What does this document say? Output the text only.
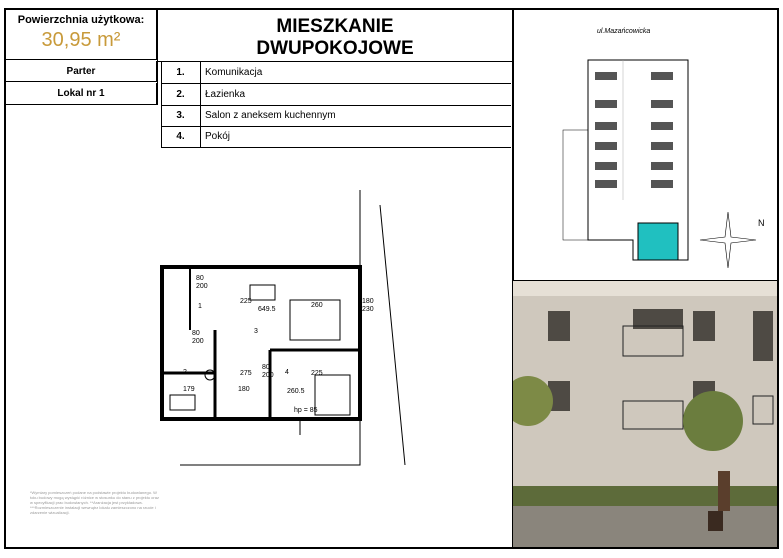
Powierzchnia użytkowa:
30,95 m²
Parter
Lokal nr 1
MIESZKANIE
DWUPOKOJOWE
1.	Komunikacja
2.	Łazienka
3.	Salon z aneksem kuchennym
4.	Pokój
225
649.5
260
275
180
225
260.5
179
180
230
80
200
80
200
80
200
hp = 85
1
2
3
4
*Wymiary pomieszczeń podane na podstawie projektu budowlanego. W toku budowy mogą wystąpić różnice w stosunku do stanu z projektu oraz w specyfikacji prac budowlanych. **Aranżacja jest przykładowa. ***Rozmieszczenie instalacji wewnątrz lokalu zamieszczono na rzucie i zdarzenie wizualizacji.
ul.Mazańcowicka
N
